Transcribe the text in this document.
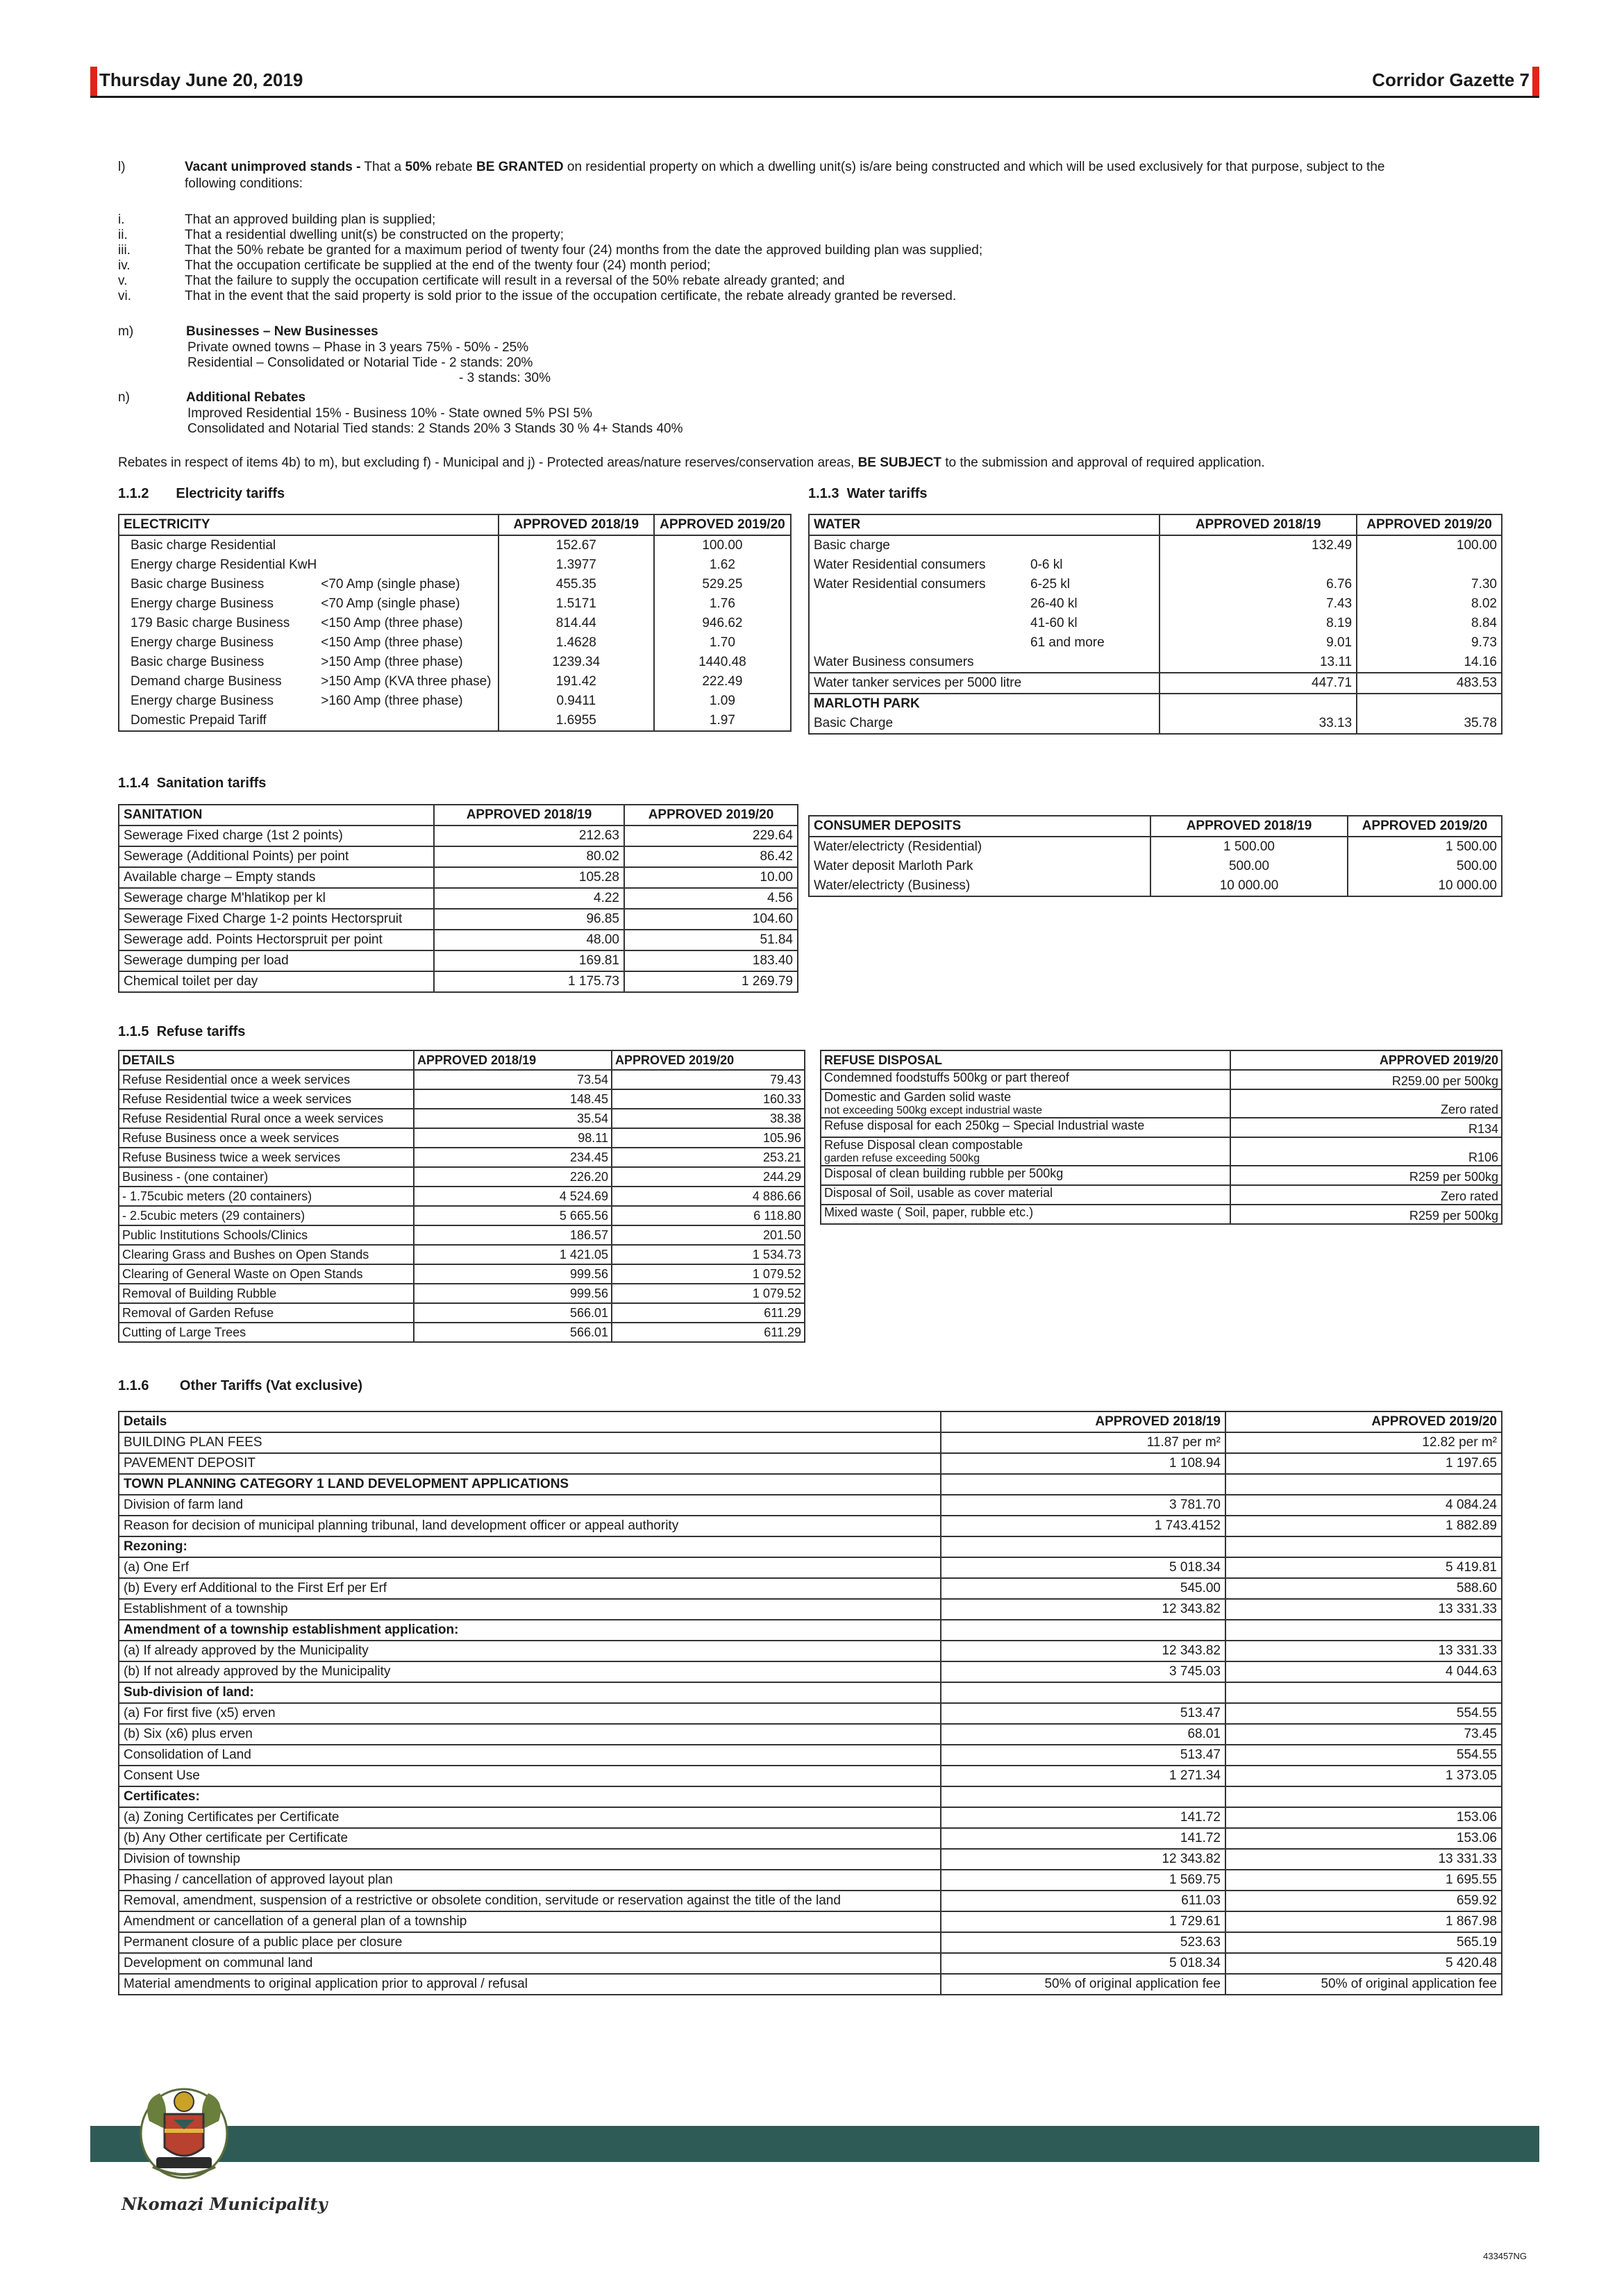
Thursday June 20, 2019	Corridor Gazette 7
l)	Vacant unimproved stands - That a 50% rebate BE GRANTED on residential property on which a dwelling unit(s) is/are being constructed and which will be used exclusively for that purpose, subject to the
following conditions:
i.	That an approved building plan is supplied;
ii.	That a residential dwelling unit(s) be constructed on the property;
iii.	That the 50% rebate be granted for a maximum period of twenty four (24) months from the date the approved building plan was supplied;
iv.	That the occupation certificate be supplied at the end of the twenty four (24) month period;
v.	That the failure to supply the occupation certificate will result in a reversal of the 50% rebate already granted; and
vi.	That in the event that the said property is sold prior to the issue of the occupation certificate, the rebate already granted be reversed.
m)	Businesses – New Businesses
Private owned towns – Phase in 3 years 75% - 50% - 25%
Residential – Consolidated or Notarial Tide - 2 stands: 20%
- 3 stands: 30%
n)	Additional Rebates
Improved Residential 15% - Business 10% - State owned 5% PSI 5%
Consolidated and Notarial Tied stands: 2 Stands 20% 3 Stands 30 % 4+ Stands 40%
Rebates in respect of items 4b) to m), but excluding f) - Municipal and j) - Protected areas/nature reserves/conservation areas, BE SUBJECT to the submission and approval of required application.
1.1.2       Electricity tariffs	1.1.3  Water tariffs
ELECTRICITY		APPROVED 2018/19	APPROVED 2019/20
Basic charge Residential		152.67	100.00
Energy charge Residential KwH		1.3977	1.62
Basic charge Business	<70 Amp (single phase)	455.35	529.25
Energy charge Business	<70 Amp (single phase)	1.5171	1.76
179 Basic charge Business	<150 Amp (three phase)	814.44	946.62
Energy charge Business	<150 Amp (three phase)	1.4628	1.70
Basic charge Business	>150 Amp (three phase)	1239.34	1440.48
Demand charge Business	>150 Amp (KVA three phase)	191.42	222.49
Energy charge Business	>160 Amp (three phase)	0.9411	1.09
Domestic Prepaid Tariff		1.6955	1.97
WATER		APPROVED 2018/19	APPROVED 2019/20
Basic charge		132.49	100.00
Water Residential consumers	0-6 kl		
Water Residential consumers	6-25 kl	6.76	7.30
	26-40 kl	7.43	8.02
	41-60 kl	8.19	8.84
	61 and more	9.01	9.73
Water Business consumers		13.11	14.16
Water tanker services per 5000 litre		447.71	483.53
MARLOTH PARK			
Basic Charge		33.13	35.78
1.1.4  Sanitation tariffs
SANITATION	APPROVED 2018/19	APPROVED 2019/20
Sewerage Fixed charge (1st 2 points)	212.63	229.64
Sewerage (Additional Points) per point	80.02	86.42
Available charge – Empty stands	105.28	10.00
Sewerage charge M'hlatikop per kl	4.22	4.56
Sewerage Fixed Charge 1-2 points Hectorspruit	96.85	104.60
Sewerage add. Points Hectorspruit per point	48.00	51.84
Sewerage dumping per load	169.81	183.40
Chemical toilet per day	1 175.73	1 269.79
CONSUMER DEPOSITS	APPROVED 2018/19	APPROVED 2019/20
Water/electricty (Residential)	1 500.00	1 500.00
Water deposit Marloth Park	500.00	500.00
Water/electricty (Business)	10 000.00	10 000.00
1.1.5  Refuse tariffs
DETAILS	APPROVED 2018/19	APPROVED 2019/20
Refuse Residential once a week services	73.54	79.43
Refuse Residential twice a week services	148.45	160.33
Refuse Residential Rural once a week services	35.54	38.38
Refuse Business once a week services	98.11	105.96
Refuse Business twice a week services	234.45	253.21
Business - (one container)	226.20	244.29
- 1.75cubic meters (20 containers)	4 524.69	4 886.66
- 2.5cubic meters (29 containers)	5 665.56	6 118.80
Public Institutions Schools/Clinics	186.57	201.50
Clearing Grass and Bushes on Open Stands	1 421.05	1 534.73
Clearing of General Waste on Open Stands	999.56	1 079.52
Removal of Building Rubble	999.56	1 079.52
Removal of Garden Refuse	566.01	611.29
Cutting of Large Trees	566.01	611.29
REFUSE DISPOSAL	APPROVED 2019/20

Condemned foodstuffs 500kg or part thereof	R259.00 per 500kg

Domestic and Garden solid waste
not exceeding 500kg except industrial waste	Zero rated

Refuse disposal for each 250kg – Special Industrial waste	R134

Refuse Disposal clean compostable
garden refuse exceeding 500kg	R106

Disposal of clean building rubble per 500kg	R259 per 500kg

Disposal of Soil, usable as cover material	Zero rated

Mixed waste ( Soil, paper, rubble etc.)	R259 per 500kg
1.1.6        Other Tariffs (Vat exclusive)
Details	APPROVED 2018/19	APPROVED 2019/20
BUILDING PLAN FEES	11.87 per m²	12.82 per m²
PAVEMENT DEPOSIT	1 108.94	1 197.65
TOWN PLANNING CATEGORY 1 LAND DEVELOPMENT APPLICATIONS		
Division of farm land	3 781.70	4 084.24
Reason for decision of municipal planning tribunal, land development officer or appeal authority	1 743.4152	1 882.89
Rezoning:		
(a) One Erf	5 018.34	5 419.81
(b) Every erf Additional to the First Erf per Erf	545.00	588.60
Establishment of a township	12 343.82	13 331.33
Amendment of a township establishment application:		
(a) If already approved by the Municipality	12 343.82	13 331.33
(b) If not already approved by the Municipality	3 745.03	4 044.63
Sub-division of land:		
(a) For first five (x5) erven	513.47	554.55
(b) Six (x6) plus erven	68.01	73.45
Consolidation of Land	513.47	554.55
Consent Use	1 271.34	1 373.05
Certificates:		
(a) Zoning Certificates per Certificate	141.72	153.06
(b) Any Other certificate per Certificate	141.72	153.06
Division of township	12 343.82	13 331.33
Phasing / cancellation of approved layout plan	1 569.75	1 695.55
Removal, amendment, suspension of a restrictive or obsolete condition, servitude or reservation against the title of the land	611.03	659.92
Amendment or cancellation of a general plan of a township	1 729.61	1 867.98
Permanent closure of a public place per closure	523.63	565.19
Development on communal land	5 018.34	5 420.48
Material amendments to original application prior to approval / refusal	50% of original application fee	50% of original application fee
Nkomazi Municipality
433457NG
